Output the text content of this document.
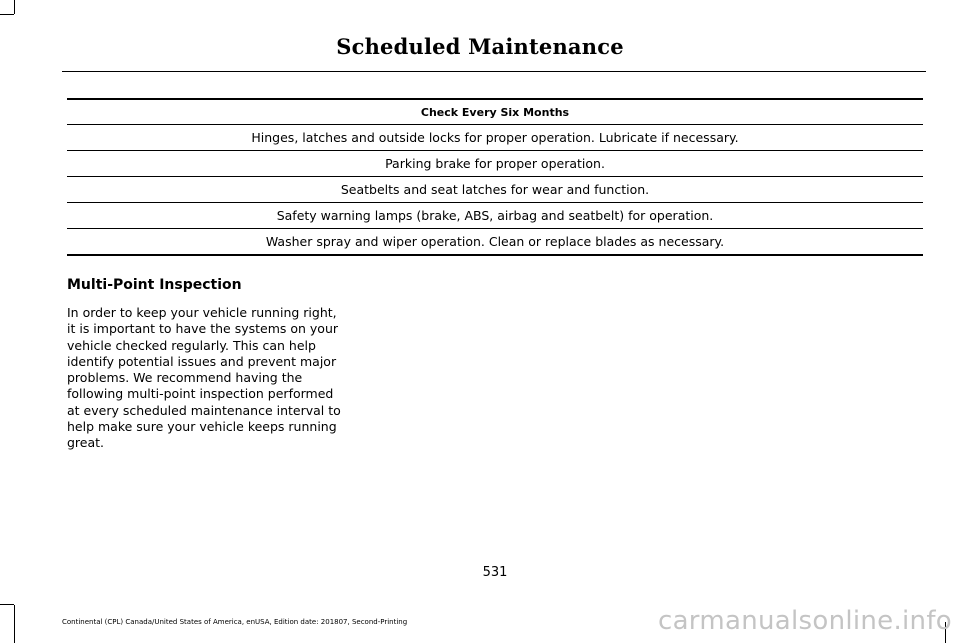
Scheduled Maintenance
Check Every Six Months
Hinges, latches and outside locks for proper operation. Lubricate if necessary.
Parking brake for proper operation.
Seatbelts and seat latches for wear and function.
Safety warning lamps (brake, ABS, airbag and seatbelt) for operation.
Washer spray and wiper operation. Clean or replace blades as necessary.
Multi-Point Inspection

In order to keep your vehicle running right, it is important to have the systems on your vehicle checked regularly. This can help identify potential issues and prevent major problems. We recommend having the following multi-point inspection performed at every scheduled maintenance interval to help make sure your vehicle keeps running great.

531
Continental (CPL) Canada/United States of America, enUSA, Edition date: 201807, Second-Printing	carmanualsonline.info
